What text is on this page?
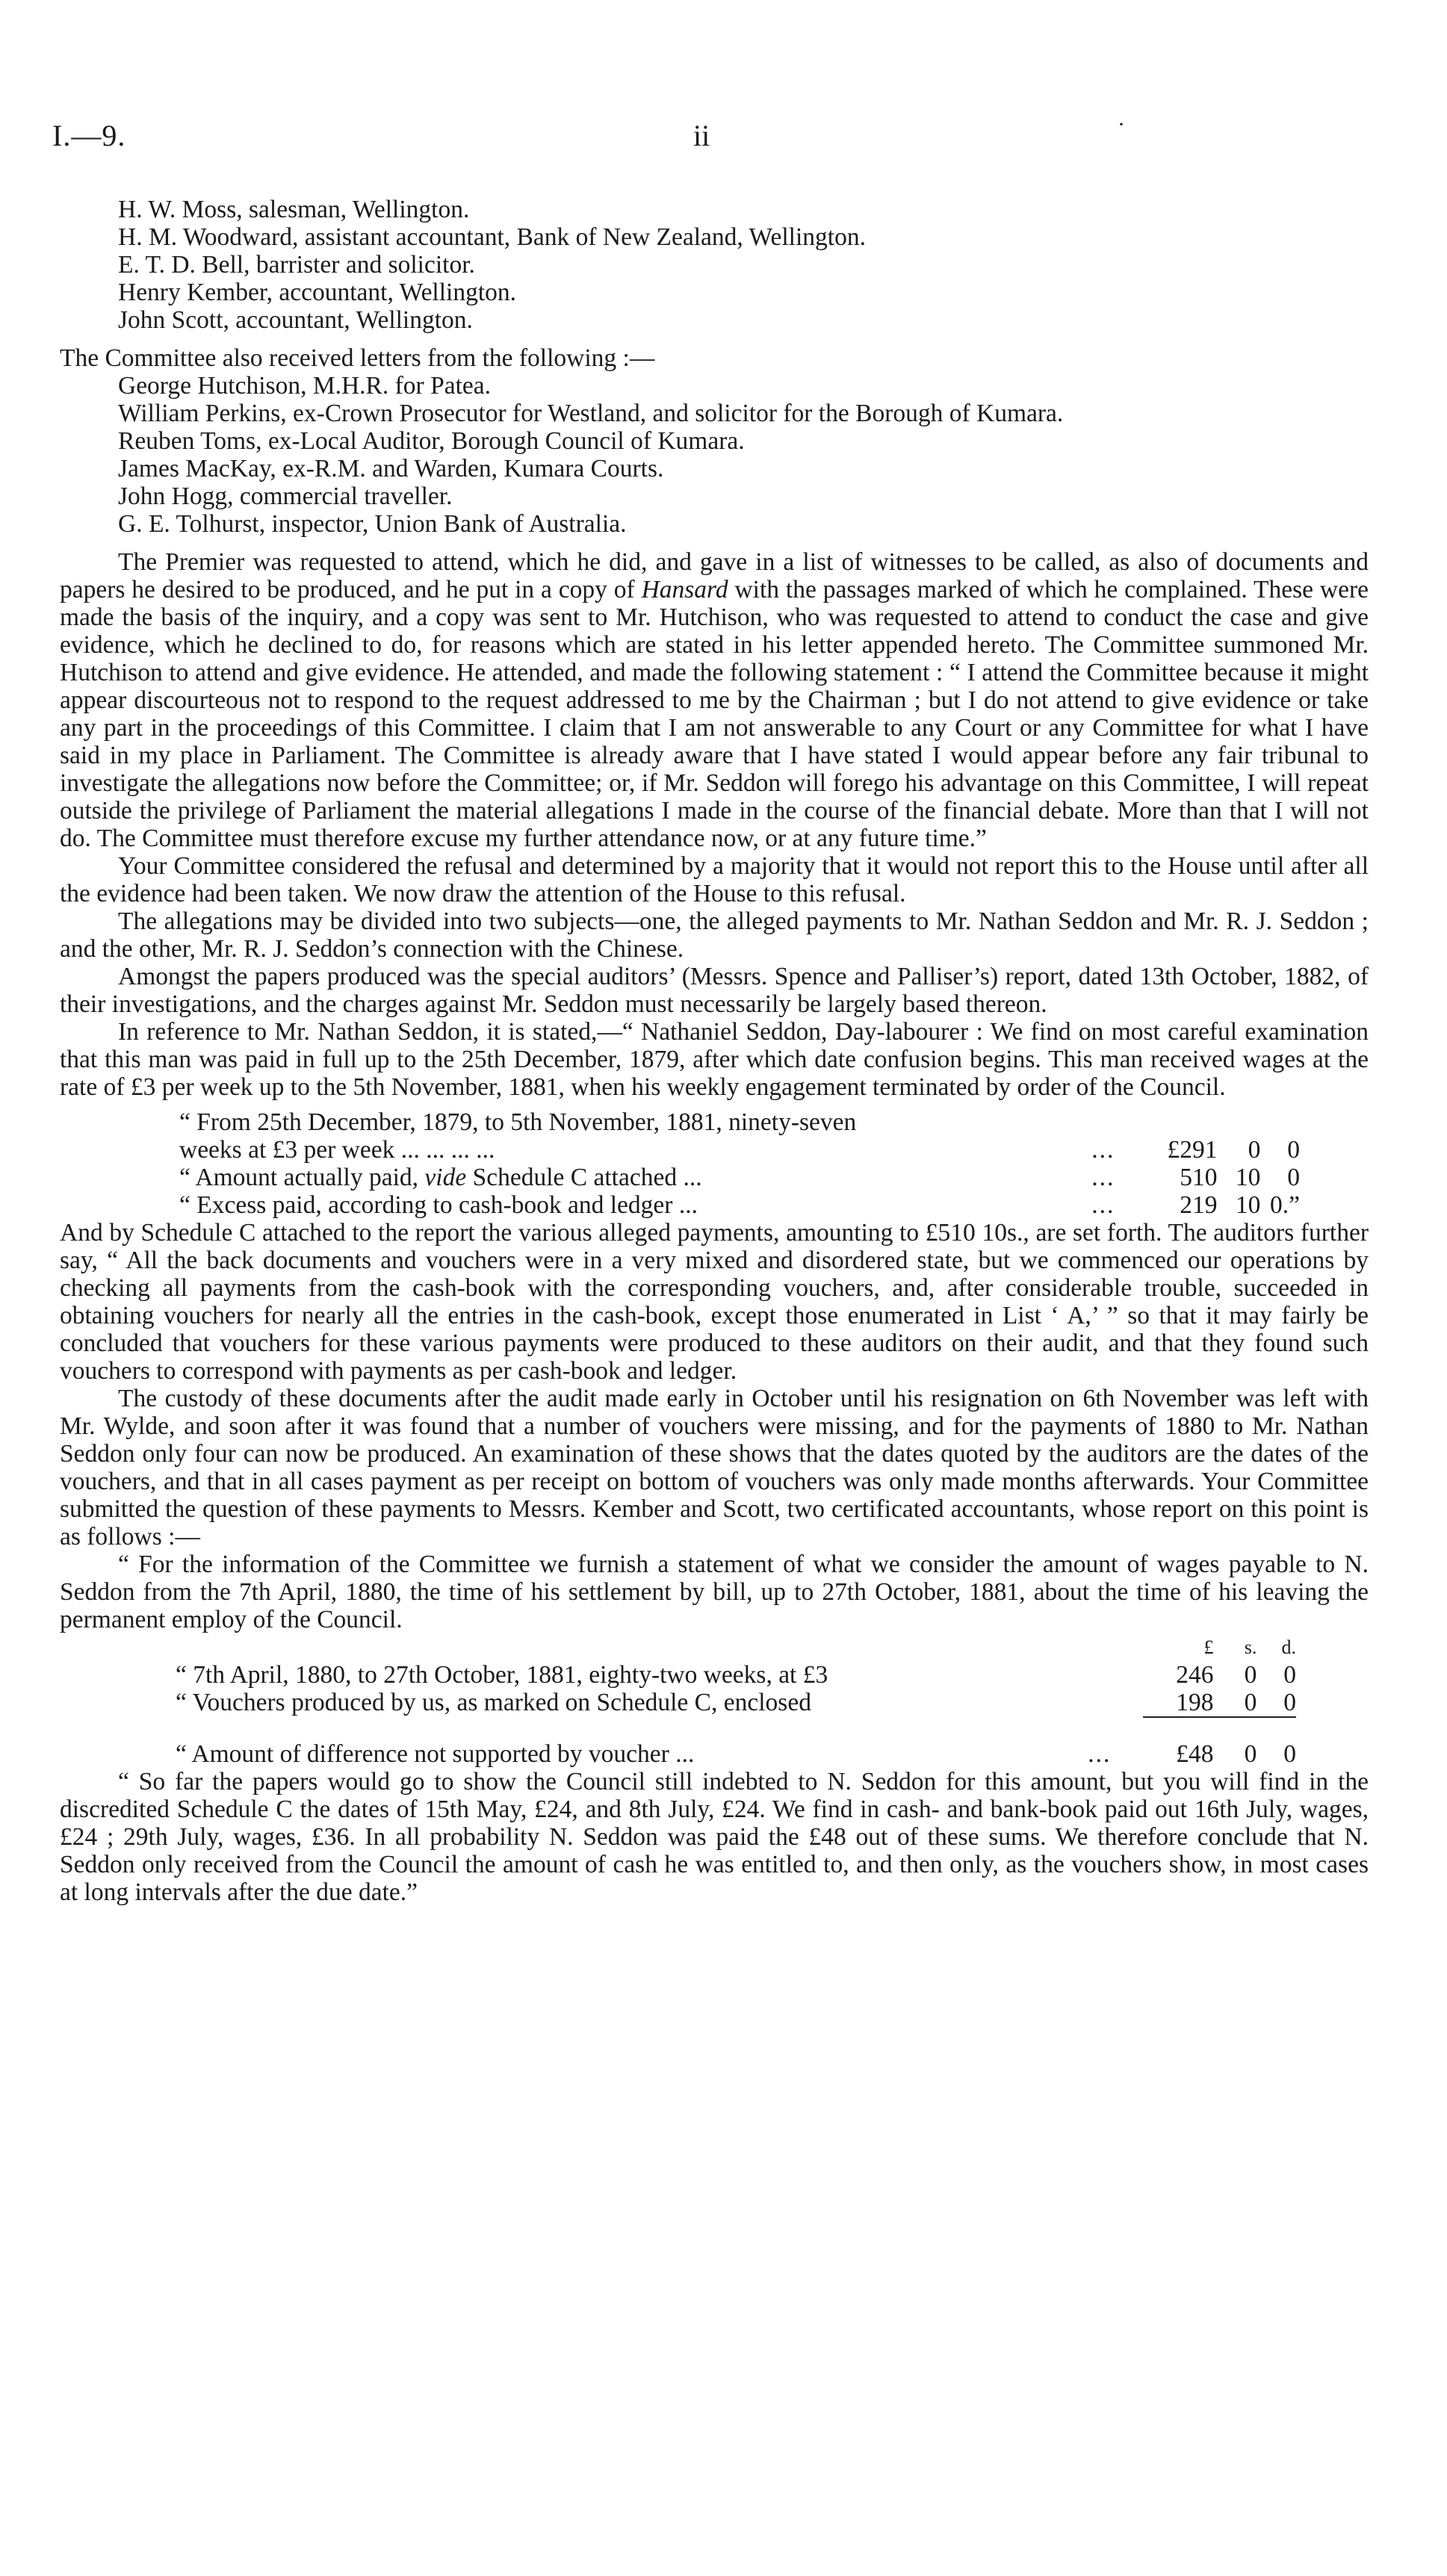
I.—9.	ii	·
H. W. Moss, salesman, Wellington.
H. M. Woodward, assistant accountant, Bank of New Zealand, Wellington.
E. T. D. Bell, barrister and solicitor.
Henry Kember, accountant, Wellington.
John Scott, accountant, Wellington.
The Committee also received letters from the following :—
George Hutchison, M.H.R. for Patea.
William Perkins, ex-Crown Prosecutor for Westland, and solicitor for the Borough of Kumara.
Reuben Toms, ex-Local Auditor, Borough Council of Kumara.
James MacKay, ex-R.M. and Warden, Kumara Courts.
John Hogg, commercial traveller.
G. E. Tolhurst, inspector, Union Bank of Australia.

The Premier was requested to attend, which he did, and gave in a list of witnesses to be called, as also of documents and papers he desired to be produced, and he put in a copy of Hansard with the passages marked of which he complained. These were made the basis of the inquiry, and a copy was sent to Mr. Hutchison, who was requested to attend to conduct the case and give evidence, which he declined to do, for reasons which are stated in his letter appended hereto. The Committee summoned Mr. Hutchison to attend and give evidence. He attended, and made the following statement : “ I attend the Committee because it might appear discourteous not to respond to the request addressed to me by the Chairman ; but I do not attend to give evidence or take any part in the proceedings of this Committee. I claim that I am not answerable to any Court or any Committee for what I have said in my place in Parliament. The Committee is already aware that I have stated I would appear before any fair tribunal to investigate the allegations now before the Committee; or, if Mr. Seddon will forego his advantage on this Committee, I will repeat outside the privilege of Parliament the material allegations I made in the course of the financial debate. More than that I will not do. The Committee must therefore excuse my further attendance now, or at any future time.”

Your Committee considered the refusal and determined by a majority that it would not report this to the House until after all the evidence had been taken. We now draw the attention of the House to this refusal.

The allegations may be divided into two subjects—one, the alleged payments to Mr. Nathan Seddon and Mr. R. J. Seddon ; and the other, Mr. R. J. Seddon’s connection with the Chinese.

Amongst the papers produced was the special auditors’ (Messrs. Spence and Palliser’s) report, dated 13th October, 1882, of their investigations, and the charges against Mr. Seddon must necessarily be largely based thereon.

In reference to Mr. Nathan Seddon, it is stated,—“ Nathaniel Seddon, Day-labourer : We find on most careful examination that this man was paid in full up to the 25th December, 1879, after which date confusion begins. This man received wages at the rate of £3 per week up to the 5th November, 1881, when his weekly engagement terminated by order of the Council.

“ From 25th December, 1879, to 5th November, 1881, ninety-seven				
weeks at £3 per week ... ... ... ...	...	£291	0	0
“ Amount actually paid, vide Schedule C attached ...	...	510	10	0
“ Excess paid, according to cash-book and ledger ...	...	219	10	0.”

And by Schedule C attached to the report the various alleged payments, amounting to £510 10s., are set forth. The auditors further say, “ All the back documents and vouchers were in a very mixed and disordered state, but we commenced our operations by checking all payments from the cash-book with the corresponding vouchers, and, after considerable trouble, succeeded in obtaining vouchers for nearly all the entries in the cash-book, except those enumerated in List ‘ A,’ ” so that it may fairly be concluded that vouchers for these various payments were produced to these auditors on their audit, and that they found such vouchers to correspond with payments as per cash-book and ledger.

The custody of these documents after the audit made early in October until his resignation on 6th November was left with Mr. Wylde, and soon after it was found that a number of vouchers were missing, and for the payments of 1880 to Mr. Nathan Seddon only four can now be produced. An examination of these shows that the dates quoted by the auditors are the dates of the vouchers, and that in all cases payment as per receipt on bottom of vouchers was only made months afterwards. Your Committee submitted the question of these payments to Messrs. Kember and Scott, two certificated accountants, whose report on this point is as follows :—

“ For the information of the Committee we furnish a statement of what we consider the amount of wages payable to N. Seddon from the 7th April, 1880, the time of his settlement by bill, up to 27th October, 1881, about the time of his leaving the permanent employ of the Council.

		£	s.	d.
“ 7th April, 1880, to 27th October, 1881, eighty-two weeks, at £3		246	0	0
“ Vouchers produced by us, as marked on Schedule C, enclosed		198	0	0

“ Amount of difference not supported by voucher ...	...	£48	0	0

“ So far the papers would go to show the Council still indebted to N. Seddon for this amount, but you will find in the discredited Schedule C the dates of 15th May, £24, and 8th July, £24. We find in cash- and bank-book paid out 16th July, wages, £24 ; 29th July, wages, £36. In all probability N. Seddon was paid the £48 out of these sums. We therefore conclude that N. Seddon only received from the Council the amount of cash he was entitled to, and then only, as the vouchers show, in most cases at long intervals after the due date.”
